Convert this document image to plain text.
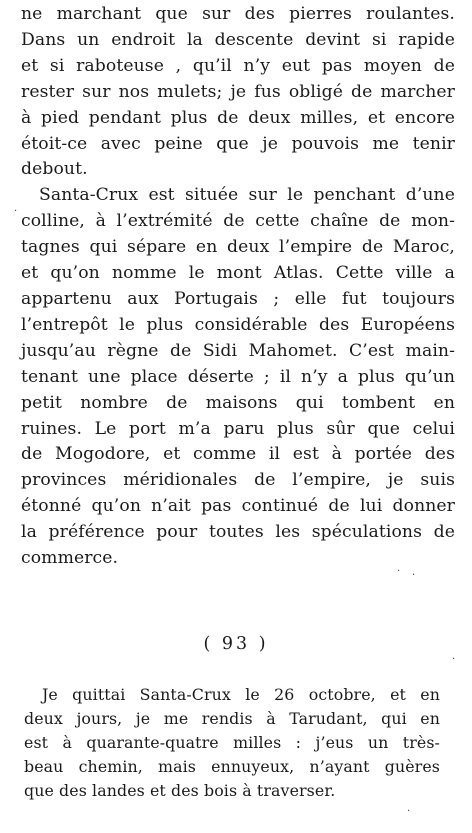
ne marchant que sur des pierres roulantes.
Dans un endroit la descente devint si rapide
et si raboteuse , qu’il n’y eut pas moyen de
rester sur nos mulets; je fus obligé de marcher
à pied pendant plus de deux milles, et encore
étoit-ce avec peine que je pouvois me tenir
debout.
Santa-Crux est située sur le penchant d’une
colline, à l’extrémité de cette chaîne de mon-
tagnes qui sépare en deux l’empire de Maroc,
et qu’on nomme le mont Atlas. Cette ville a
appartenu aux Portugais ; elle fut toujours
l’entrepôt le plus considérable des Européens
jusqu’au règne de Sidi Mahomet. C’est main-
tenant une place déserte ; il n’y a plus qu’un
petit nombre de maisons qui tombent en
ruines. Le port m’a paru plus sûr que celui
de Mogodore, et comme il est à portée des
provinces méridionales de l’empire, je suis
étonné qu’on n’ait pas continué de lui donner
la préférence pour toutes les spéculations de
commerce.
( 93 )
Je quittai Santa-Crux le 26 octobre, et en
deux jours, je me rendis à Tarudant, qui en
est à quarante-quatre milles : j’eus un très-
beau chemin, mais ennuyeux, n’ayant guères
que des landes et des bois à traverser.
·
· ·
·
·
